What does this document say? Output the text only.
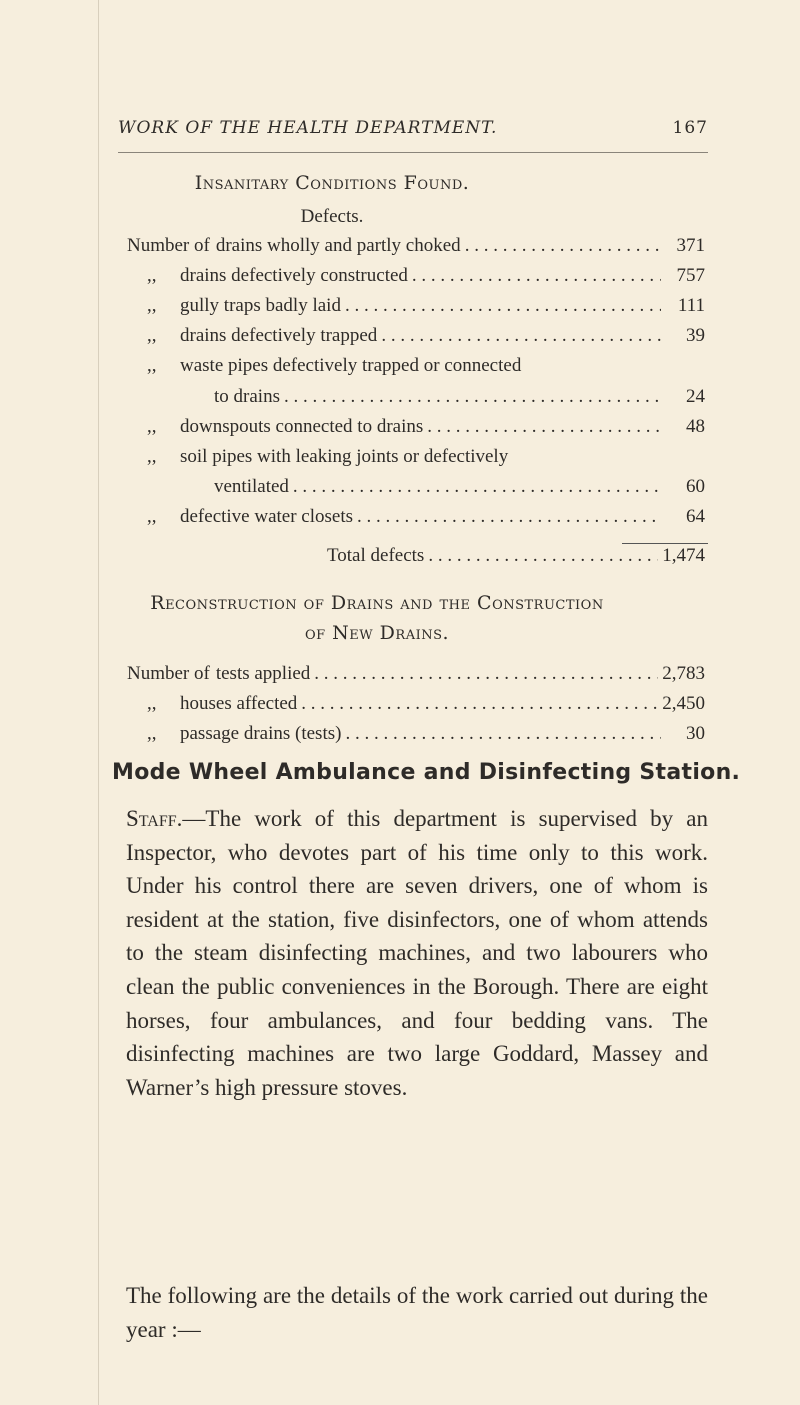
WORK OF THE HEALTH DEPARTMENT.	167
Insanitary Conditions Found.
Defects.
Number of drains wholly and partly choked . . .	371
,,	drains defectively constructed . . .	757
,,	gully traps badly laid . . .	111
,,	drains defectively trapped . . .	39
,,	waste pipes defectively trapped or connected
to drains . . .	24
,,	downspouts connected to drains . . .	48
,,	soil pipes with leaking joints or defectively
ventilated . . .	60
,,	defective water closets . . .	64
Total defects . . .	1,474
Reconstruction of Drains and the Construction
of New Drains.
Number of tests applied . . .	2,783
,,	houses affected . . .	2,450
,,	passage drains (tests) . . .	30
Mode Wheel Ambulance and Disinfecting Station.
Staff.—The work of this department is supervised by an Inspector, who devotes part of his time only to this work. Under his control there are seven drivers, one of whom is resident at the station, five disinfectors, one of whom attends to the steam disinfecting machines, and two labourers who clean the public conveniences in the Borough. There are eight horses, four ambulances, and four bedding vans. The disinfecting machines are two large Goddard, Massey and Warner’s high pressure stoves.
The following are the details of the work carried out during the year :—
